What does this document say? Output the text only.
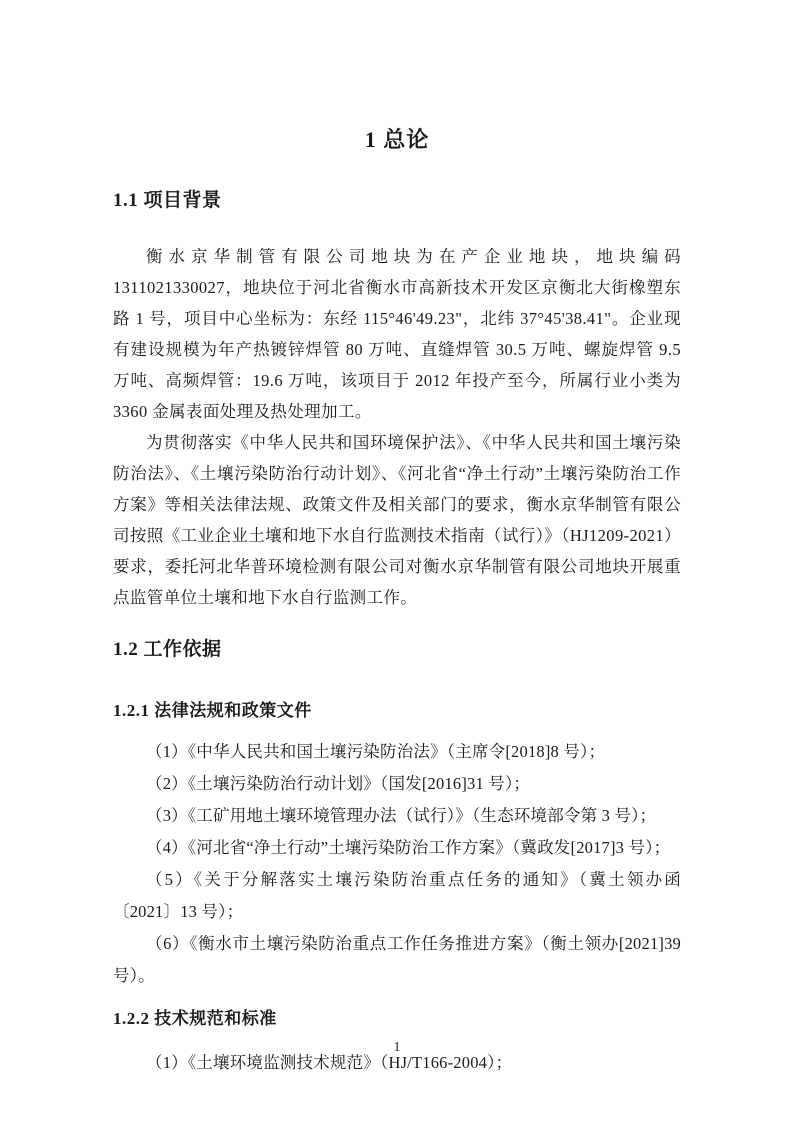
1 总论
1.1 项目背景

衡水京华制管有限公司地块为在产企业地块，地块编码 1311021330027，地块位于河北省衡水市高新技术开发区京衡北大街橡塑东路 1 号，项目中心坐标为：东经 115°46'49.23"，北纬 37°45'38.41"。企业现有建设规模为年产热镀锌焊管 80 万吨、直缝焊管 30.5 万吨、螺旋焊管 9.5 万吨、高频焊管：19.6 万吨，该项目于 2012 年投产至今，所属行业小类为 3360 金属表面处理及热处理加工。

为贯彻落实《中华人民共和国环境保护法》、《中华人民共和国土壤污染防治法》、《土壤污染防治行动计划》、《河北省“净土行动”土壤污染防治工作方案》等相关法律法规、政策文件及相关部门的要求，衡水京华制管有限公司按照《工业企业土壤和地下水自行监测技术指南（试行）》（HJ1209-2021）要求，委托河北华普环境检测有限公司对衡水京华制管有限公司地块开展重点监管单位土壤和地下水自行监测工作。

1.2 工作依据
1.2.1 法律法规和政策文件

（1）《中华人民共和国土壤污染防治法》（主席令[2018]8 号）；

（2）《土壤污染防治行动计划》（国发[2016]31 号）；

（3）《工矿用地土壤环境管理办法（试行）》（生态环境部令第 3 号）；

（4）《河北省“净土行动”土壤污染防治工作方案》（冀政发[2017]3 号）；

（5）《关于分解落实土壤污染防治重点任务的通知》（冀土领办函〔2021〕13 号）；

（6）《衡水市土壤污染防治重点工作任务推进方案》（衡土领办[2021]39 号）。

1.2.2 技术规范和标准

（1）《土壤环境监测技术规范》（HJ/T166-2004）；

1
